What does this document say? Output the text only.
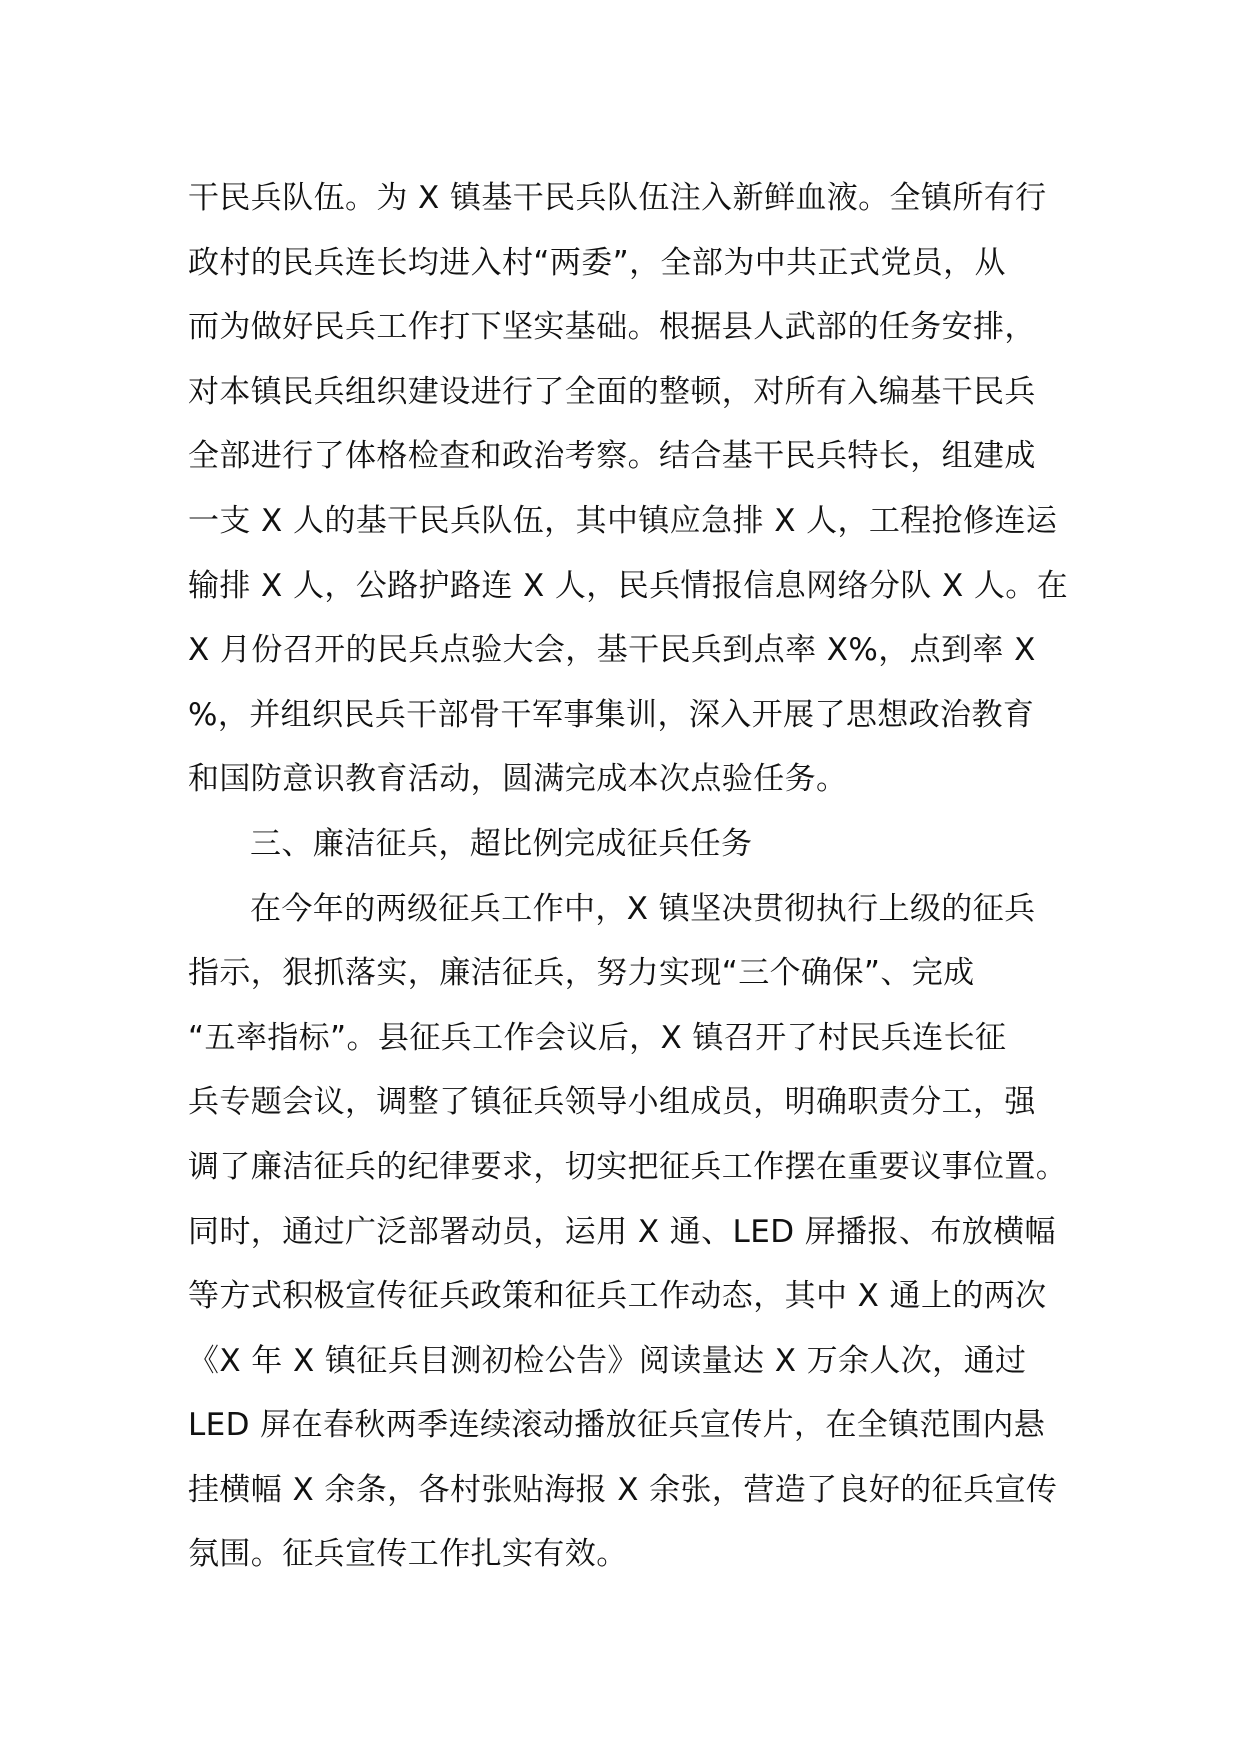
干民兵队伍。为 X 镇基干民兵队伍注入新鲜血液。全镇所有行
政村的民兵连长均进入村“两委”，全部为中共正式党员，从
而为做好民兵工作打下坚实基础。根据县人武部的任务安排，
对本镇民兵组织建设进行了全面的整顿，对所有入编基干民兵
全部进行了体格检查和政治考察。结合基干民兵特长，组建成
一支 X 人的基干民兵队伍，其中镇应急排 X 人，工程抢修连运
输排 X 人，公路护路连 X 人，民兵情报信息网络分队 X 人。在
X 月份召开的民兵点验大会，基干民兵到点率 X%，点到率 X
%，并组织民兵干部骨干军事集训，深入开展了思想政治教育
和国防意识教育活动，圆满完成本次点验任务。
三、廉洁征兵，超比例完成征兵任务
在今年的两级征兵工作中，X 镇坚决贯彻执行上级的征兵
指示，狠抓落实，廉洁征兵，努力实现“三个确保”、完成
“五率指标”。县征兵工作会议后，X 镇召开了村民兵连长征
兵专题会议，调整了镇征兵领导小组成员，明确职责分工，强
调了廉洁征兵的纪律要求，切实把征兵工作摆在重要议事位置。
同时，通过广泛部署动员，运用 X 通、LED 屏播报、布放横幅
等方式积极宣传征兵政策和征兵工作动态，其中 X 通上的两次
《X 年 X 镇征兵目测初检公告》阅读量达 X 万余人次，通过
LED 屏在春秋两季连续滚动播放征兵宣传片，在全镇范围内悬
挂横幅 X 余条，各村张贴海报 X 余张，营造了良好的征兵宣传
氛围。征兵宣传工作扎实有效。
